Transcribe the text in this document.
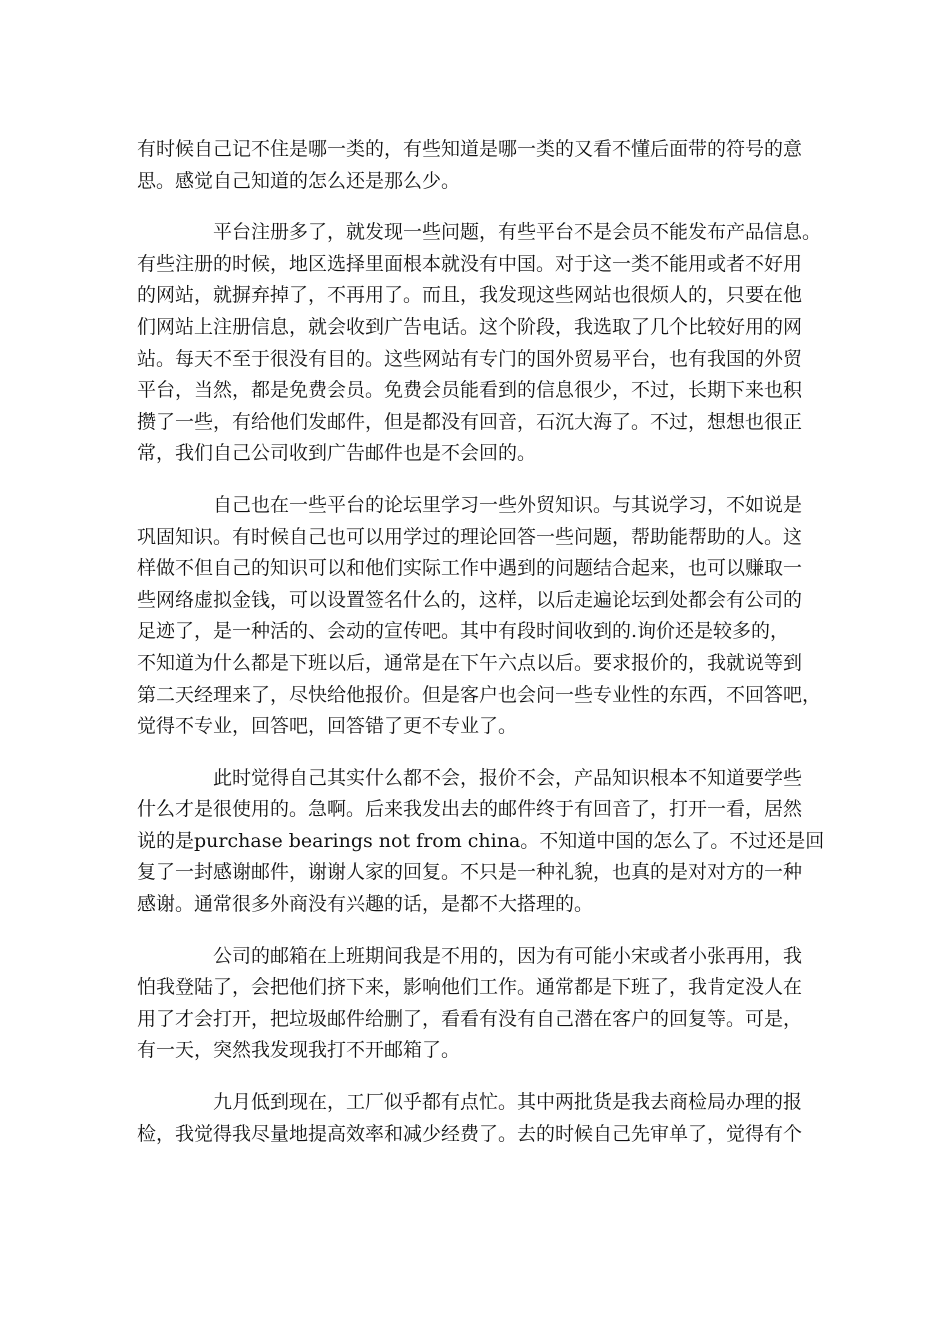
有时候自己记不住是哪一类的，有些知道是哪一类的又看不懂后面带的符号的意
思。感觉自己知道的怎么还是那么少。

平台注册多了，就发现一些问题，有些平台不是会员不能发布产品信息。
有些注册的时候，地区选择里面根本就没有中国。对于这一类不能用或者不好用
的网站，就摒弃掉了，不再用了。而且，我发现这些网站也很烦人的，只要在他
们网站上注册信息，就会收到广告电话。这个阶段，我选取了几个比较好用的网
站。每天不至于很没有目的。这些网站有专门的国外贸易平台，也有我国的外贸
平台，当然，都是免费会员。免费会员能看到的信息很少，不过，长期下来也积
攒了一些，有给他们发邮件，但是都没有回音，石沉大海了。不过，想想也很正
常，我们自己公司收到广告邮件也是不会回的。

自己也在一些平台的论坛里学习一些外贸知识。与其说学习，不如说是
巩固知识。有时候自己也可以用学过的理论回答一些问题，帮助能帮助的人。这
样做不但自己的知识可以和他们实际工作中遇到的问题结合起来，也可以赚取一
些网络虚拟金钱，可以设置签名什么的，这样，以后走遍论坛到处都会有公司的
足迹了，是一种活的、会动的宣传吧。其中有段时间收到的.询价还是较多的，
不知道为什么都是下班以后，通常是在下午六点以后。要求报价的，我就说等到
第二天经理来了，尽快给他报价。但是客户也会问一些专业性的东西，不回答吧，
觉得不专业，回答吧，回答错了更不专业了。

此时觉得自己其实什么都不会，报价不会，产品知识根本不知道要学些
什么才是很使用的。急啊。后来我发出去的邮件终于有回音了，打开一看，居然
说的是purchase bearings not from china。不知道中国的怎么了。不过还是回
复了一封感谢邮件，谢谢人家的回复。不只是一种礼貌，也真的是对对方的一种
感谢。通常很多外商没有兴趣的话，是都不大搭理的。

公司的邮箱在上班期间我是不用的，因为有可能小宋或者小张再用，我
怕我登陆了，会把他们挤下来，影响他们工作。通常都是下班了，我肯定没人在
用了才会打开，把垃圾邮件给删了，看看有没有自己潜在客户的回复等。可是，
有一天，突然我发现我打不开邮箱了。

九月低到现在，工厂似乎都有点忙。其中两批货是我去商检局办理的报
检，我觉得我尽量地提高效率和减少经费了。去的时候自己先审单了，觉得有个
